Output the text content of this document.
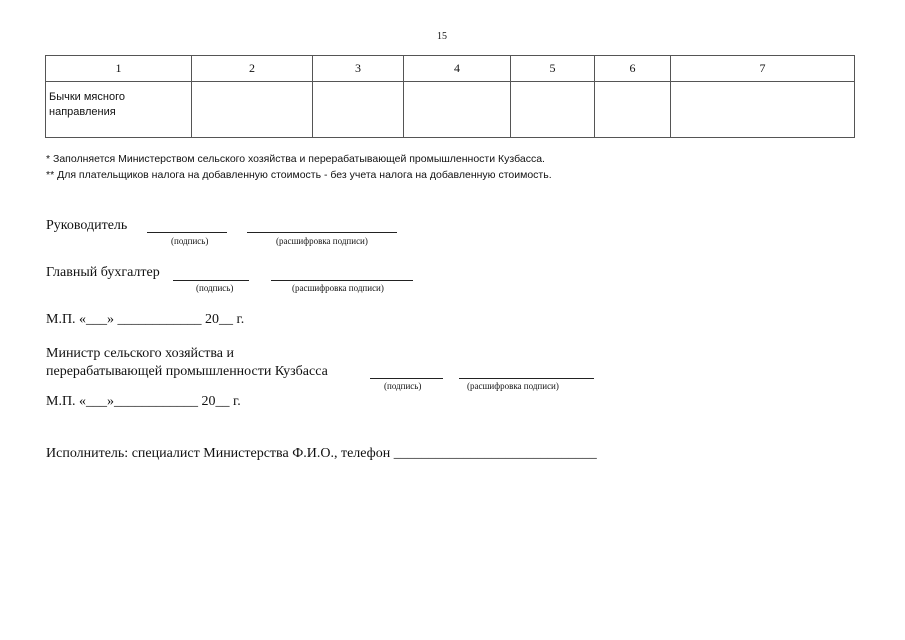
15
1	2	3	4	5	6	7

Бычки мясного направления						

* Заполняется Министерством сельского хозяйства и перерабатывающей промышленности Кузбасса.
** Для плательщиков налога на добавленную стоимость - без учета налога на добавленную стоимость.
Руководитель
(подпись)	(расшифровка подписи)
Главный бухгалтер
(подпись)	(расшифровка подписи)
М.П. «___» ____________ 20__ г.
Министр сельского хозяйства и
перерабатывающей промышленности Кузбасса
(подпись)	(расшифровка подписи)
М.П. «___»____________ 20__ г.
Исполнитель: специалист Министерства Ф.И.О., телефон _____________________________
